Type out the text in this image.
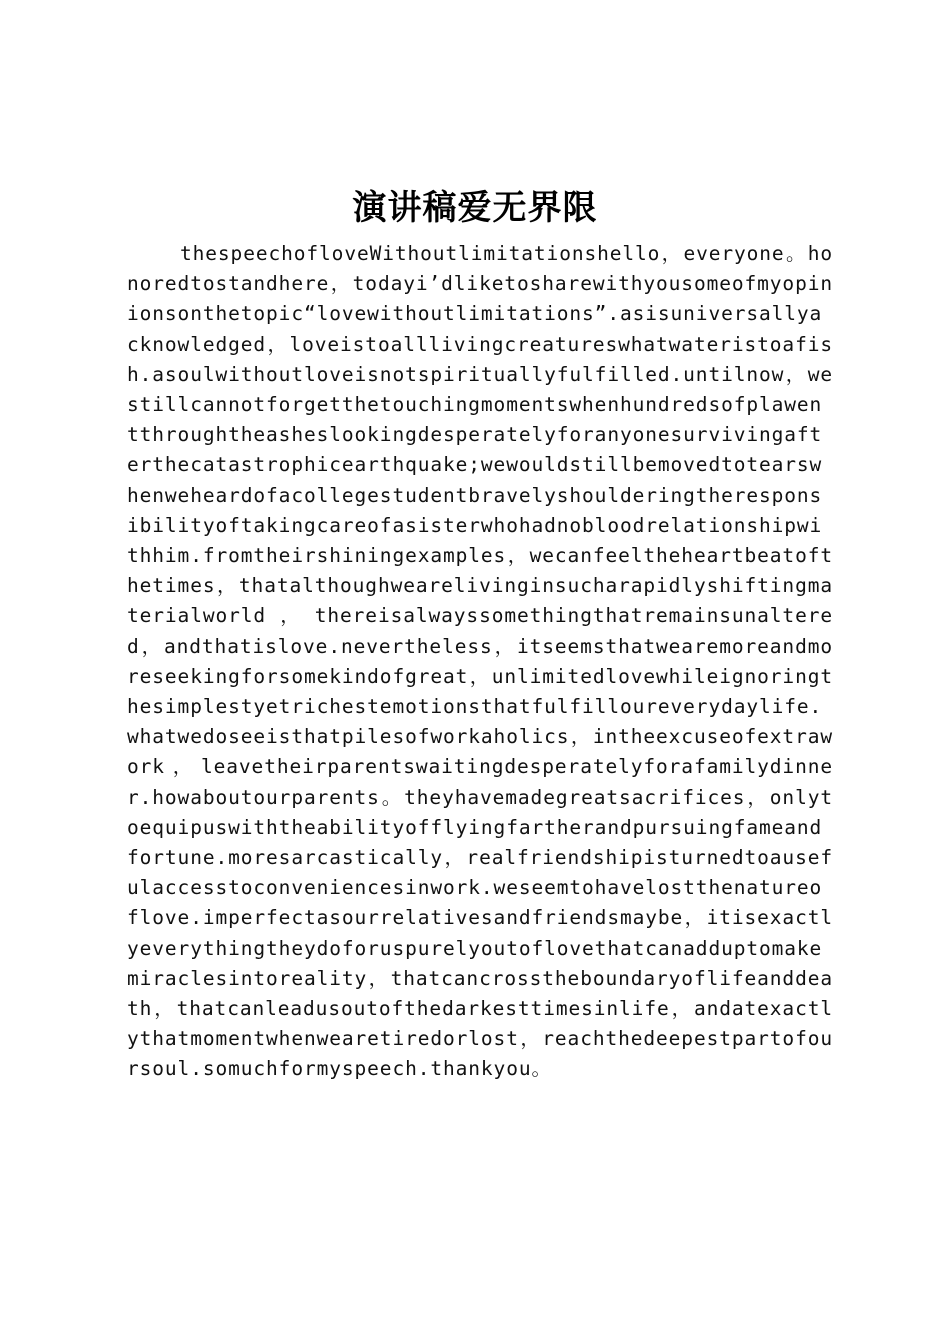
演讲稿爱无界限

thespeechofloveWithoutlimitationshello，everyone。honoredtostandhere，todayi’dliketosharewithyousomeofmyopinionsonthetopic“lovewithoutlimitations”.asisuniversallyacknowledged，loveistoalllivingcreatureswhatwateristoafish.asoulwithoutloveisnotspirituallyfulfilled.untilnow，westillcannotforgetthetouchingmomentswhenhundredsofplawentthroughtheasheslookingdesperatelyforanyonesurvivingafterthecatastrophicearthquake;wewouldstillbemovedtotearswhenweheardofacollegestudentbravelyshoulderingtheresponsibilityoftakingcareofasisterwhohadnobloodrelationshipwithhim.fromtheirshiningexamples，wecanfeeltheheartbeatofthetimes，thatalthoughwearelivinginsucharapidlyshiftingmaterialworld，thereisalwayssomethingthatremainsunaltered，andthatislove.nevertheless，itseemsthatwearemoreandmoreseekingforsomekindofgreat，unlimitedlovewhileignoringthesimplestyetrichestemotionsthatfulfilloureverydaylife.whatwedoseeisthatpilesofworkaholics，intheexcuseofextrawork，leavetheirparentswaitingdesperatelyforafamilydinner.howaboutourparents。theyhavemadegreatsacrifices，onlytoequipuswiththeabilityofflyingfartherandpursuingfameandfortune.moresarcastically，realfriendshipisturnedtoausefulaccesstoconveniencesinwork.weseemtohavelostthenatureoflove.imperfectasourrelativesandfriendsmaybe，itisexactlyeverythingtheydoforuspurelyoutoflovethatcanadduptomakemiraclesintoreality，thatcancrosstheboundaryoflifeanddeath，thatcanleadusoutofthedarkesttimesinlife，andatexactlythatmomentwhenwearetiredorlost，reachthedeepestpartofoursoul.somuchformyspeech.thankyou。
